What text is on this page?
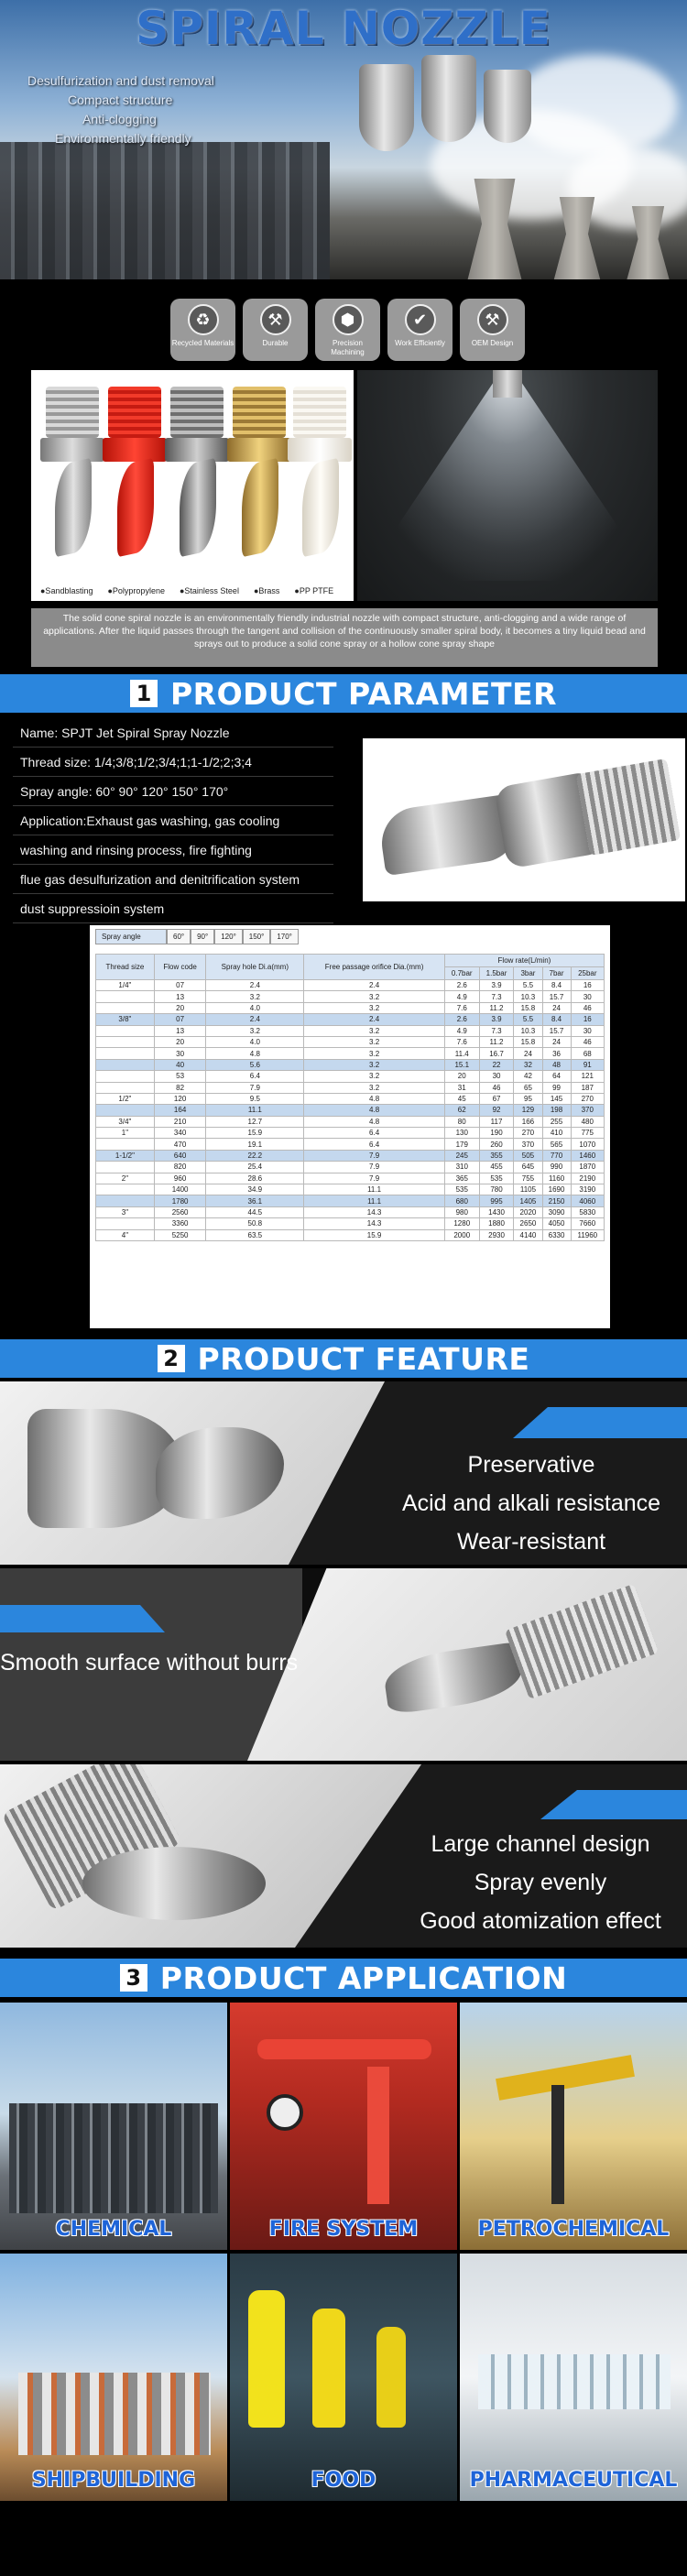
SPIRAL NOZZLE
Desulfurization and dust removal
Compact structure
Anti-clogging
Environmentally friendly
♻
Recycled Materials
⚒
Durable
⬢
Precision Machining
✔
Work Efficiently
⚒
OEM Design
●Sandblasting ●Polypropylene ●Stainless Steel ●Brass ●PP PTFE
The solid cone spiral nozzle is an environmentally friendly industrial nozzle with compact structure, anti-clogging and a wide range of applications. After the liquid passes through the tangent and collision of the continuously smaller spiral body, it becomes a tiny liquid bead and sprays out to produce a solid cone spray or a hollow cone spray shape
1 PRODUCT PARAMETER
Name: SPJT Jet Spiral Spray Nozzle
Thread size: 1/4;3/8;1/2;3/4;1;1-1/2;2;3;4
Spray angle: 60° 90° 120° 150° 170°
Application:Exhaust gas washing, gas cooling
washing and rinsing process, fire fighting
flue gas desulfurization and denitrification system
dust suppressioin system
Spray angle	60°	90°	120°	150°	170°
Thread size	Flow code	Spray hole Di.a(mm)	Free passage orifice Dia.(mm)	Flow rate(L/min)				
				0.7bar	1.5bar	3bar	7bar	25bar
1/4"	07	2.4	2.4	2.6	3.9	5.5	8.4	16
	13	3.2	3.2	4.9	7.3	10.3	15.7	30
	20	4.0	3.2	7.6	11.2	15.8	24	46
3/8"	07	2.4	2.4	2.6	3.9	5.5	8.4	16
	13	3.2	3.2	4.9	7.3	10.3	15.7	30
	20	4.0	3.2	7.6	11.2	15.8	24	46
	30	4.8	3.2	11.4	16.7	24	36	68
	40	5.6	3.2	15.1	22	32	48	91
	53	6.4	3.2	20	30	42	64	121
	82	7.9	3.2	31	46	65	99	187
1/2"	120	9.5	4.8	45	67	95	145	270
	164	11.1	4.8	62	92	129	198	370
3/4"	210	12.7	4.8	80	117	166	255	480
1"	340	15.9	6.4	130	190	270	410	775
	470	19.1	6.4	179	260	370	565	1070
1-1/2"	640	22.2	7.9	245	355	505	770	1460
	820	25.4	7.9	310	455	645	990	1870
2"	960	28.6	7.9	365	535	755	1160	2190
	1400	34.9	11.1	535	780	1105	1690	3190
	1780	36.1	11.1	680	995	1405	2150	4060
3"	2560	44.5	14.3	980	1430	2020	3090	5830
	3360	50.8	14.3	1280	1880	2650	4050	7660
4"	5250	63.5	15.9	2000	2930	4140	6330	11960
2 PRODUCT FEATURE
Preservative
Acid and alkali resistance
Wear-resistant
Smooth surface without burrs
Large channel design
Spray evenly
Good atomization effect
3 PRODUCT APPLICATION
CHEMICAL	FIRE SYSTEM	PETROCHEMICAL
SHIPBUILDING	FOOD	PHARMACEUTICAL
